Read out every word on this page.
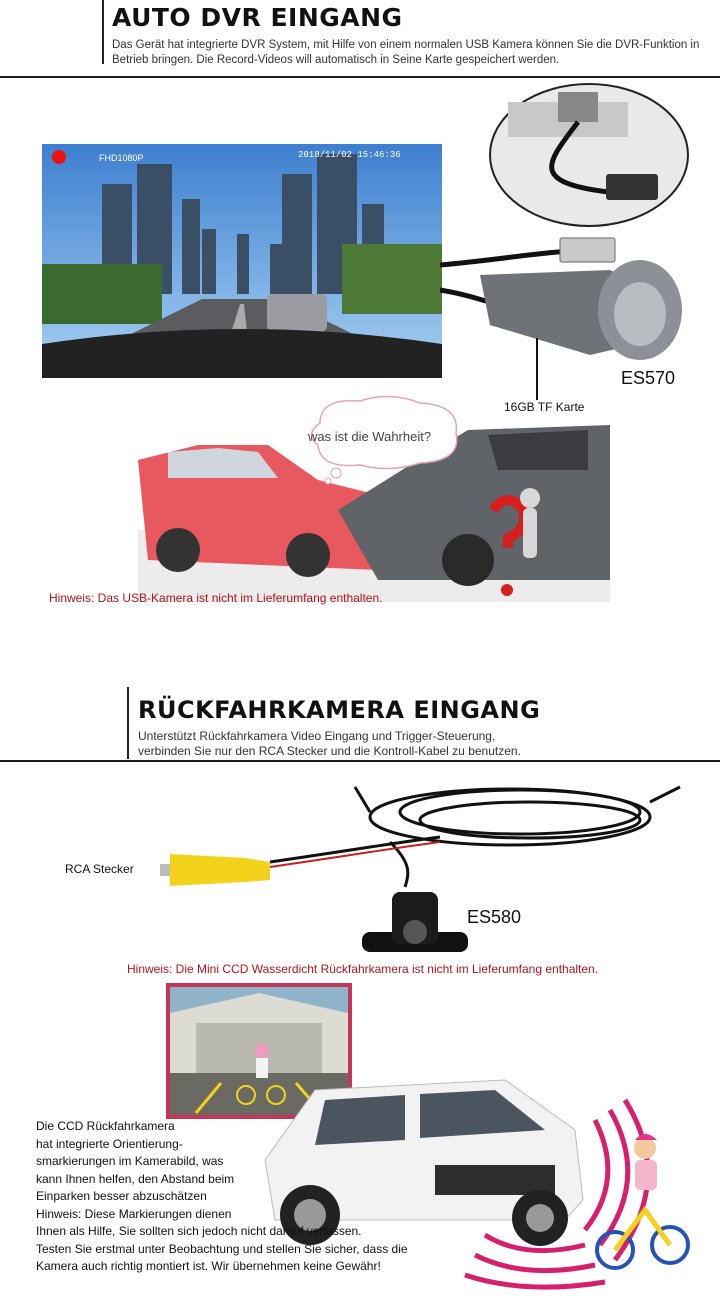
AUTO DVR EINGANG
Das Gerät hat integrierte DVR System, mit Hilfe von einem normalen USB Kamera können Sie die DVR-Funktion in Betrieb bringen. Die Record-Videos will automatisch in Seine Karte gespeichert werden.
FHD1080P	2018/11/02 15:46:36
ES570
16GB TF Karte
was ist die Wahrheit?
Hinweis: Das USB-Kamera ist nicht im Lieferumfang enthalten.
RÜCKFAHRKAMERA EINGANG
Unterstützt Rückfahrkamera Video Eingang und Trigger-Steuerung,
verbinden Sie nur den RCA Stecker und die Kontroll-Kabel zu benutzen.
RCA Stecker
ES580
Hinweis: Die Mini CCD Wasserdicht Rückfahrkamera ist nicht im Lieferumfang enthalten.
Die CCD Rückfahrkamera
hat integrierte Orientierung-
smarkierungen im Kamerabild, was
kann Ihnen helfen, den Abstand beim
Einparken besser abzuschätzen
Hinweis: Diese Markierungen dienen
Ihnen als Hilfe, Sie sollten sich jedoch nicht darauf verlassen.
Testen Sie erstmal unter Beobachtung und stellen Sie sicher, dass die
Kamera auch richtig montiert ist. Wir übernehmen keine Gewähr!
